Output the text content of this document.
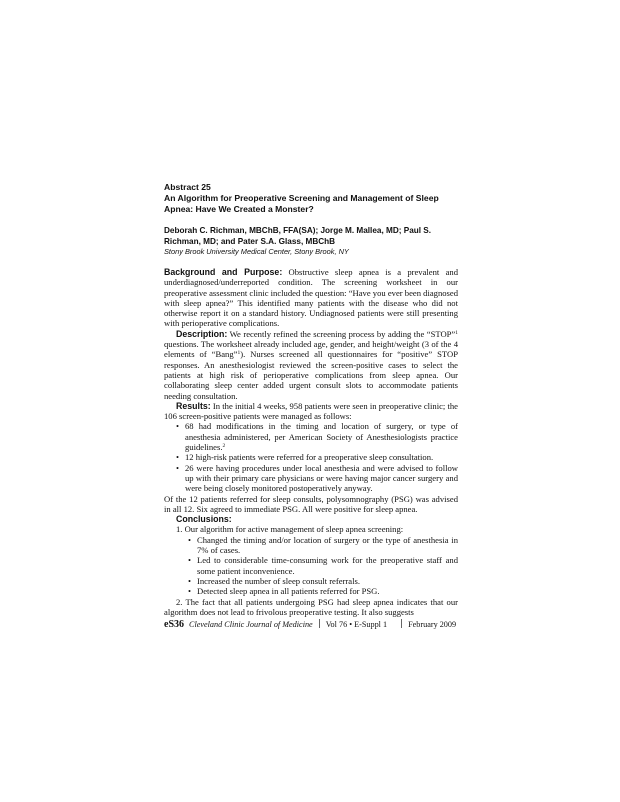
Abstract 25

An Algorithm for Preoperative Screening and Management of Sleep Apnea: Have We Created a Monster?

Deborah C. Richman, MBChB, FFA(SA); Jorge M. Mallea, MD; Paul S. Richman, MD; and Pater S.A. Glass, MBChB

Stony Brook University Medical Center, Stony Brook, NY

Background and Purpose: Obstructive sleep apnea is a prevalent and underdiagnosed/underreported condition. The screening worksheet in our preoperative assessment clinic included the question: “Have you ever been diagnosed with sleep apnea?” This identified many patients with the disease who did not otherwise report it on a standard history. Undiagnosed patients were still presenting with perioperative complications.

Description: We recently refined the screening process by adding the “STOP”$^1$ questions. The worksheet already included age, gender, and height/weight (3 of the 4 elements of “Bang”$^1$). Nurses screened all questionnaires for “positive” STOP responses. An anesthesiologist reviewed the screen-positive cases to select the patients at high risk of perioperative complications from sleep apnea. Our collaborating sleep center added urgent consult slots to accommodate patients needing consultation.

Results: In the initial 4 weeks, 958 patients were seen in preoperative clinic; the 106 screen-positive patients were managed as follows:

• 68 had modifications in the timing and location of surgery, or type of anesthesia administered, per American Society of Anesthesiologists practice guidelines.$^2$
• 12 high-risk patients were referred for a preoperative sleep consultation.
• 26 were having procedures under local anesthesia and were advised to follow up with their primary care physicians or were having major cancer surgery and were being closely monitored postoperatively anyway.

Of the 12 patients referred for sleep consults, polysomnography (PSG) was advised in all 12. Six agreed to immediate PSG. All were positive for sleep apnea.

Conclusions:

1. Our algorithm for active management of sleep apnea screening:

• Changed the timing and/or location of surgery or the type of anesthesia in 7% of cases.
• Led to considerable time-consuming work for the preoperative staff and some patient inconvenience.
• Increased the number of sleep consult referrals.
• Detected sleep apnea in all patients referred for PSG.

2. The fact that all patients undergoing PSG had sleep apnea indicates that our algorithm does not lead to frivolous preoperative testing. It also suggests

eS36 Cleveland Clinic Journal of Medicine Vol 76 • E-Suppl 1	February 2009
